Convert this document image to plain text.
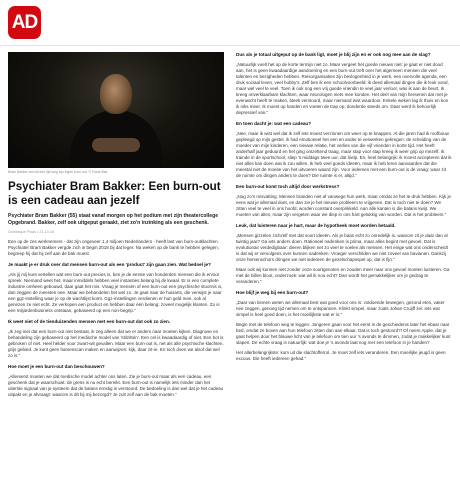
AD
Bram Bakker vervult een tijd lang zijn eigen burn-out. © Frank Bak
Psychiater Bram Bakker: Een burn-out is een cadeau aan jezelf

Psychiater Bram Bakker (55) staat vanaf morgen op het podium met zijn theatercollege Opgebrand. Bakker, zelf ook uitgeput geraakt, ziet zo'n inzinking als een geschenk.

Dominique Pinas • 23-10-18

Een op de zes werknemers - dat zijn ongeveer 1,4 miljoen Nederlanders - heeft last van burn-outklachten. Psychiater Bram Bakker vergde zich in begin 2018 bij dat leger. Na weken op de bank te hebben gelegen, begreep hij dat hij zelf aan de bak moest.

Je maakt je er druk over dat mensen burn-out als een 'product' zijn gaan zien. Wat bedoel je?

„Als jij mij kunt vertellen wat een burn-out precies is, ben je de eerste van honderden mensen die ik ervoor spreek. Niemand weet het, maar inmiddels hebben veel instanties belang bij de kwaal. Er is een complete industrie omheen gebouwd, daar gaat het mis. Vraag je mensen of een burn-out een psychische stoornis is, dan zeggen de meesten nee. Maar we behandelen het wel zo. Je gaat naar de huisarts, die verwijst je naar een ggz-instelling waar je op de wachtlijst komt. Ggz-instellingen verdienen er hun geld mee, ook al genezen ze niet echt. Ze verkopen een product en hebben daar één belang: zoveel mogelijk klanten. Zo is een miljardenbusiness ontstaan, gebaseerd op een non-begrip.”

Ik weet niet of de tienduizenden mensen met een burn-out dat ook zo zien.

„Ik zeg niet dat een burn-out niet bestaat, ik zeg alleen dat we er anders naar moeten kijken. Diagnose en behandeling zijn gebaseerd op het medische model van 'stilzitten'. Een cel is kwaadaardig of niet. Een bot is gebroken of niet. Heel helder voor zwart-wit gevallen. Maar een burn-out is, net als alle psychische klachten, grijs gebied. Je kunt geen harsenscan maken en aanwijzen: kijk, daar zit-ie. En toch doen we alsof dat wel zo is.”

Hoe moet je een burn-out dan beschouwen?

„Allereerst moeten we dat medische model achter ons laten. Zie je burn-out maar als een cadeau, een geschenk dat je waarschuwt: de grens is nu echt bereikt. Een burn-out is namelijk iets minder dan het uiterste signaal van je systeem dat de balans ernstig is verstoord. De bedoeling is dan wel dat je het cadeau uitpakt en je afvraagt: waarom is dit bij mij bezorgd? Je zult zelf aan de bak moeten.”

Dus als je totaal uitgeput op de bank ligt, moet je blij zijn en er ook nog mee aan de slag?

„Natuurlijk voelt het op de korte termijn niet zo. Maar vergeet het goede nieuws niet: je gaat er niet dood aan, het is geen kwaadaardige aandoening en een burn-out treft over het algemeen mensen die veel talenten en bezigheden hebben. Reisorganisaties zijn bevlogenheid in je werk, een overvolle agenda, een druk sociaal leven, veel hobby's. Zelf ben ik een schoolvoorbeeld: ik deed allemaal dingen die ik leuk vond, maar wel veel te veel. Toen ik ook nog een vrij goede vriendin te veel jaar verloor, was ik aan de beurt. Ik kreeg onverklaarbare klachten, waar neurologen niets mee konden. Het deel van mijn hersenen dat met je evenwicht heeft te maken, bleek verstoord, maar niemand wist waardoor. Enkele weken lag ik thuis en kon ik niks meer. Ik moest op handen en voeten de trap op, donderde steeds om. Daar werd ik behoorlijk depressief van.”

En toen dacht je: wat een cadeau?

„Nee, maar ik wist wel dat ik zelf iets moest verzinnen om weer op te knappen. Al die jaren had ik roofbouw gepleegd op mijn gestel, ik had emotioneel het een en ander te verwerken gekregen: de scheiding van de moeder van mijn kinderen, een nieuwe relatie, het verlies van die vijf vrienden in korte tijd. Het heeft anderhalf jaar geduurd en het ging ontzettend traag, maar stap voor stap kreeg ik weer grip op mezelf. Ik trainde in de sportschool, sliep 's middags twee uur, dat hielp. En, heel belangrijk: ik moest accepteren dat ik niet alles kan doen wat ik zou willen. Ik heb veel goeds ideeën, maar ik heb leren aanvaarden dat die meestal niet de moeite van het uitvoeren waard zijn. Voor iedereen met een burn-out is de vraag: waar zit de ruimte om dingen anders te doen? Die ruimte is er, altijd.”

Een burn-out komt toch altijd door werkstress?

„Nog zo'n misvatting. Mensen branden niet af vanwege hun werk, maar omdat ze het te druk hebben. Kijk je eens wat je allemaal doet, en dan zie je het nieuwe probleem te vrijgeven. Dat is toch niet te doen? We zitten veel te veel in ons hoofd, worden constant overprikkeld. Aan alle kanten is die balans kwijt. We moeten van alles, maar zijn vergeten waar we diep in ons hart gelukkig van worden. Dat is het probleem.”

Leuk, dat luisteren naar je hart, maar de hypotheek moet worden betaald.

„Mensen gizzelen zichzelf met dat soort ideeën. Als je baas echt zo onredelijk is, waarom zit je daar dan al twintig jaar? Ga iets anders doen. Rationeel nadenken is prima, maar alles begint met gevoel. Dat is evolutionair verdedigbaar: dieren blijken net zo veel te voelen als mensen. Het enige wat ons onderscheidt is dat wij er vervolgens over kunnen nadenken. Vroeger verschilden we niet zoveel van bavianen. Dankzij onze hersenschors dringen we niet iedereen de gezelschapsspel op, dat is fijn.”

Maar ook wij kunnen niet zonder onze soortgenoten en zouden meer naar ons gevoel moeten luisteren. Ga met de billen bloot, onderzoek: wat wil ik nou echt? Dan wordt het gemakkelijker om je gedrag te veranderen.”

Hoe blijf je weg bij een burn-out?

„Daar van binnen weten we allemaal best wat goed voor ons is: voldoende bewegen, gezond eten, vaker nee zeggen, genoeg tijd nemen om te ontspannen. Klinkt simpel, maar zoals Johan Cruijff zei: iets wat simpel is heel goed doen, is het moeilijkste wat er is.”

Begin met de telefoon weg te leggen. Jongeren gaan voor het eerst in de geschiedenis later het ebaar naar bed, omdat ze boven aan hun telefoon zitten dan aan elkaar. Dat is toch gestoord?! Of neem Apple, dat je gaat helpen door het blauwe licht van je telefoon om tien uur 's avonds te dimmen, zodat je makkelijker kunt slapen. De echte vraag is natuurlijk: wat doe je 's avonds laat nog met een telefoon in je handen?

Het allerbelangrijkste: kom uit die slachtofferrol. Je moet zelf iets veranderen. Een moeilijke jeugd is geen excuus. Die heeft iedereen gehad.”
